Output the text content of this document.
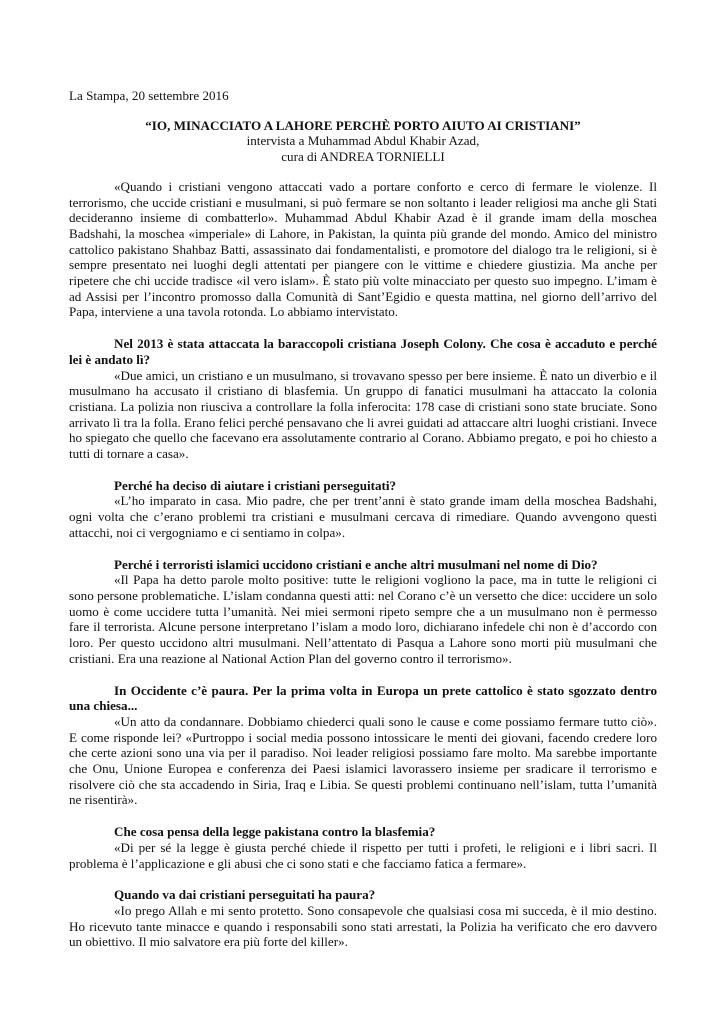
La Stampa, 20 settembre 2016
“IO, MINACCIATO A LAHORE PERCHÈ PORTO AIUTO AI CRISTIANI”
intervista a Muhammad Abdul Khabir Azad,
cura di ANDREA TORNIELLI

«Quando i cristiani vengono attaccati vado a portare conforto e cerco di fermare le violenze. Il terrorismo, che uccide cristiani e musulmani, si può fermare se non soltanto i leader religiosi ma anche gli Stati decideranno insieme di combatterlo». Muhammad Abdul Khabir Azad è il grande imam della moschea Badshahi, la moschea «imperiale» di Lahore, in Pakistan, la quinta più grande del mondo. Amico del ministro cattolico pakistano Shahbaz Batti, assassinato dai fondamentalisti, e promotore del dialogo tra le religioni, si è sempre presentato nei luoghi degli attentati per piangere con le vittime e chiedere giustizia. Ma anche per ripetere che chi uccide tradisce «il vero islam». È stato più volte minacciato per questo suo impegno. L’imam è ad Assisi per l’incontro promosso dalla Comunità di Sant’Egidio e questa mattina, nel giorno dell’arrivo del Papa, interviene a una tavola rotonda. Lo abbiamo intervistato.

Nel 2013 è stata attaccata la baraccopoli cristiana Joseph Colony. Che cosa è accaduto e perché lei è andato lì?

«Due amici, un cristiano e un musulmano, si trovavano spesso per bere insieme. È nato un diverbio e il musulmano ha accusato il cristiano di blasfemia. Un gruppo di fanatici musulmani ha attaccato la colonia cristiana. La polizia non riusciva a controllare la folla inferocita: 178 case di cristiani sono state bruciate. Sono arrivato lì tra la folla. Erano felici perché pensavano che li avrei guidati ad attaccare altri luoghi cristiani. Invece ho spiegato che quello che facevano era assolutamente contrario al Corano. Abbiamo pregato, e poi ho chiesto a tutti di tornare a casa».

Perché ha deciso di aiutare i cristiani perseguitati?

«L’ho imparato in casa. Mio padre, che per trent’anni è stato grande imam della moschea Badshahi, ogni volta che c’erano problemi tra cristiani e musulmani cercava di rimediare. Quando avvengono questi attacchi, noi ci vergogniamo e ci sentiamo in colpa».

Perché i terroristi islamici uccidono cristiani e anche altri musulmani nel nome di Dio?

«Il Papa ha detto parole molto positive: tutte le religioni vogliono la pace, ma in tutte le religioni ci sono persone problematiche. L’islam condanna questi atti: nel Corano c’è un versetto che dice: uccidere un solo uomo è come uccidere tutta l’umanità. Nei miei sermoni ripeto sempre che a un musulmano non è permesso fare il terrorista. Alcune persone interpretano l’islam a modo loro, dichiarano infedele chi non è d’accordo con loro. Per questo uccidono altri musulmani. Nell’attentato di Pasqua a Lahore sono morti più musulmani che cristiani. Era una reazione al National Action Plan del governo contro il terrorismo».

In Occidente c’è paura. Per la prima volta in Europa un prete cattolico è stato sgozzato dentro una chiesa...

«Un atto da condannare. Dobbiamo chiederci quali sono le cause e come possiamo fermare tutto ciò». E come risponde lei? «Purtroppo i social media possono intossicare le menti dei giovani, facendo credere loro che certe azioni sono una via per il paradiso. Noi leader religiosi possiamo fare molto. Ma sarebbe importante che Onu, Unione Europea e conferenza dei Paesi islamici lavorassero insieme per sradicare il terrorismo e risolvere ciò che sta accadendo in Siria, Iraq e Libia. Se questi problemi continuano nell’islam, tutta l’umanità ne risentirà».

Che cosa pensa della legge pakistana contro la blasfemia?

«Di per sé la legge è giusta perché chiede il rispetto per tutti i profeti, le religioni e i libri sacri. Il problema è l’applicazione e gli abusi che ci sono stati e che facciamo fatica a fermare».

Quando va dai cristiani perseguitati ha paura?

«Io prego Allah e mi sento protetto. Sono consapevole che qualsiasi cosa mi succeda, è il mio destino. Ho ricevuto tante minacce e quando i responsabili sono stati arrestati, la Polizia ha verificato che ero davvero un obiettivo. Il mio salvatore era più forte del killer».
